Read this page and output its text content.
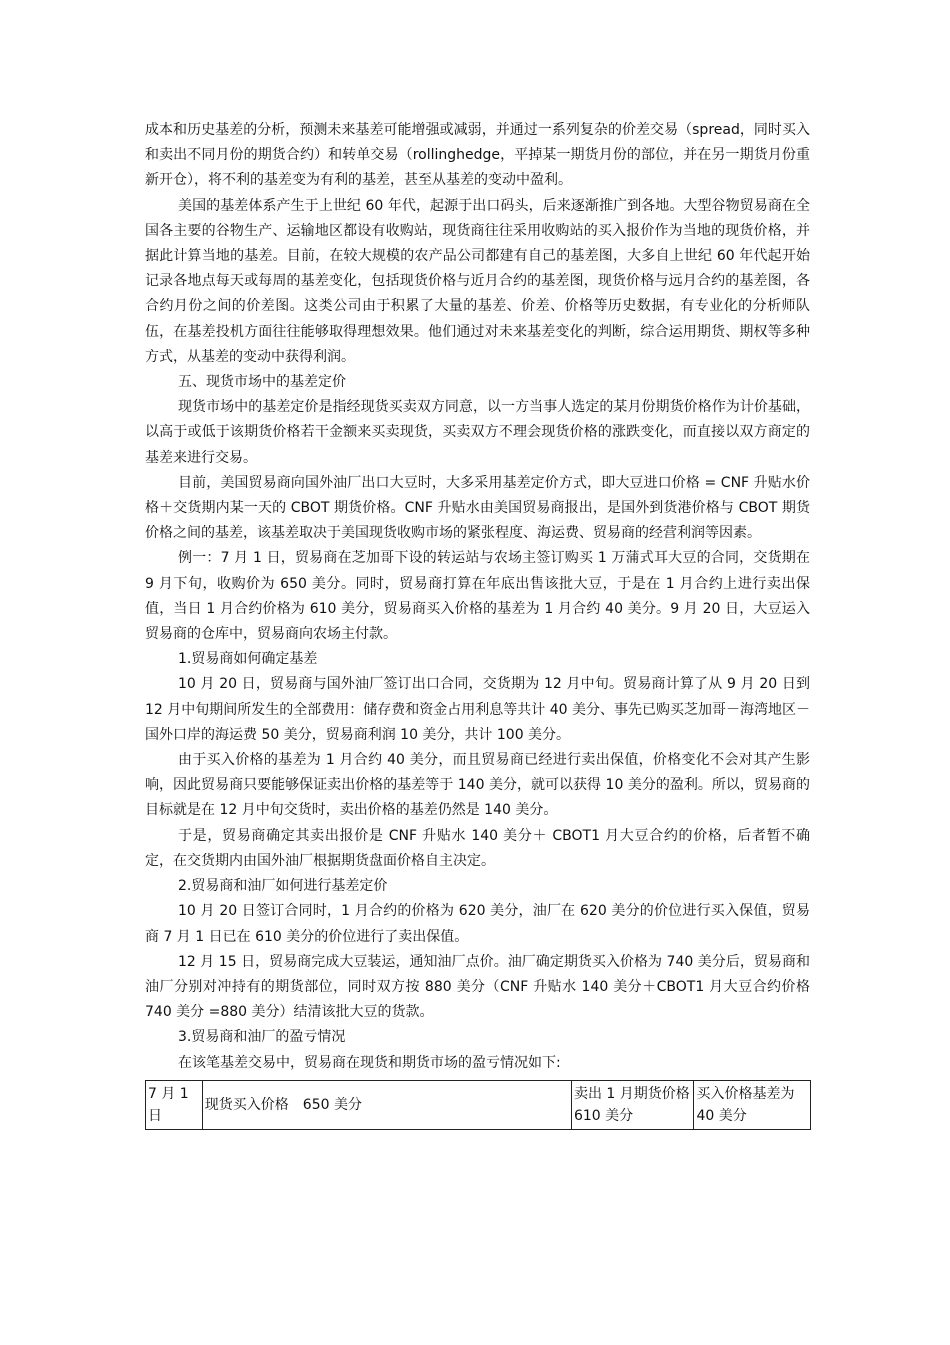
成本和历史基差的分析，预测未来基差可能增强或减弱，并通过一系列复杂的价差交易（spread，同时买入和卖出不同月份的期货合约）和转单交易（rollinghedge，平掉某一期货月份的部位，并在另一期货月份重新开仓），将不利的基差变为有利的基差，甚至从基差的变动中盈利。

美国的基差体系产生于上世纪 60 年代，起源于出口码头，后来逐渐推广到各地。大型谷物贸易商在全国各主要的谷物生产、运输地区都设有收购站，现货商往往采用收购站的买入报价作为当地的现货价格，并据此计算当地的基差。目前，在较大规模的农产品公司都建有自己的基差图，大多自上世纪 60 年代起开始记录各地点每天或每周的基差变化，包括现货价格与近月合约的基差图，现货价格与远月合约的基差图，各合约月份之间的价差图。这类公司由于积累了大量的基差、价差、价格等历史数据，有专业化的分析师队伍，在基差投机方面往往能够取得理想效果。他们通过对未来基差变化的判断，综合运用期货、期权等多种方式，从基差的变动中获得利润。

五、现货市场中的基差定价

现货市场中的基差定价是指经现货买卖双方同意，以一方当事人选定的某月份期货价格作为计价基础，以高于或低于该期货价格若干金额来买卖现货，买卖双方不理会现货价格的涨跌变化，而直接以双方商定的基差来进行交易。

目前，美国贸易商向国外油厂出口大豆时，大多采用基差定价方式，即大豆进口价格 = CNF 升贴水价格＋交货期内某一天的 CBOT 期货价格。CNF 升贴水由美国贸易商报出，是国外到货港价格与 CBOT 期货价格之间的基差，该基差取决于美国现货收购市场的紧张程度、海运费、贸易商的经营利润等因素。

例一：7 月 1 日，贸易商在芝加哥下设的转运站与农场主签订购买 1 万蒲式耳大豆的合同，交货期在 9 月下旬，收购价为 650 美分。同时，贸易商打算在年底出售该批大豆，于是在 1 月合约上进行卖出保值，当日 1 月合约价格为 610 美分，贸易商买入价格的基差为 1 月合约 40 美分。9 月 20 日，大豆运入贸易商的仓库中，贸易商向农场主付款。

1.贸易商如何确定基差

10 月 20 日，贸易商与国外油厂签订出口合同，交货期为 12 月中旬。贸易商计算了从 9 月 20 日到 12 月中旬期间所发生的全部费用：储存费和资金占用利息等共计 40 美分、事先已购买芝加哥－海湾地区－国外口岸的海运费 50 美分，贸易商利润 10 美分，共计 100 美分。

由于买入价格的基差为 1 月合约 40 美分，而且贸易商已经进行卖出保值，价格变化不会对其产生影响，因此贸易商只要能够保证卖出价格的基差等于 140 美分，就可以获得 10 美分的盈利。所以，贸易商的目标就是在 12 月中旬交货时，卖出价格的基差仍然是 140 美分。

于是，贸易商确定其卖出报价是 CNF 升贴水 140 美分＋ CBOT1 月大豆合约的价格，后者暂不确定，在交货期内由国外油厂根据期货盘面价格自主决定。

2.贸易商和油厂如何进行基差定价

10 月 20 日签订合同时，1 月合约的价格为 620 美分，油厂在 620 美分的价位进行买入保值，贸易商 7 月 1 日已在 610 美分的价位进行了卖出保值。

12 月 15 日，贸易商完成大豆装运，通知油厂点价。油厂确定期货买入价格为 740 美分后，贸易商和油厂分别对冲持有的期货部位，同时双方按 880 美分（CNF 升贴水 140 美分＋CBOT1 月大豆合约价格 740 美分 =880 美分）结清该批大豆的货款。

3.贸易商和油厂的盈亏情况

在该笔基差交易中，贸易商在现货和期货市场的盈亏情况如下:

7 月 1 日	现货买入价格　650 美分	卖出 1 月期货价格 610 美分	买入价格基差为 40 美分
